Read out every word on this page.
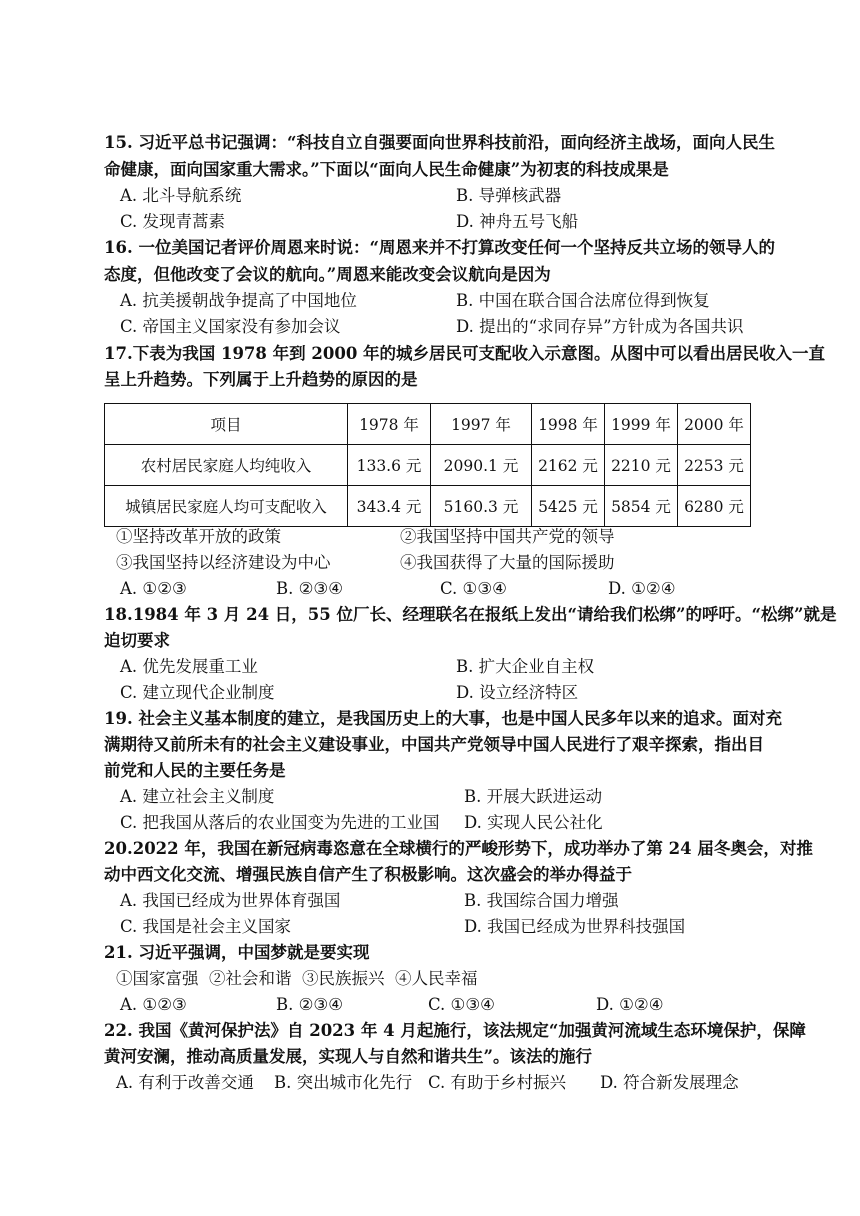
15. 习近平总书记强调：“科技自立自强要面向世界科技前沿，面向经济主战场，面向人民生
命健康，面向国家重大需求。”下面以“面向人民生命健康”为初衷的科技成果是
A. 北斗导航系统	B. 导弹核武器
C. 发现青蒿素	D. 神舟五号飞船
16. 一位美国记者评价周恩来时说：“周恩来并不打算改变任何一个坚持反共立场的领导人的
态度，但他改变了会议的航向。”周恩来能改变会议航向是因为
A. 抗美援朝战争提高了中国地位	B. 中国在联合国合法席位得到恢复
C. 帝国主义国家没有参加会议	D. 提出的“求同存异”方针成为各国共识
17.下表为我国 1978 年到 2000 年的城乡居民可支配收入示意图。从图中可以看出居民收入一直
呈上升趋势。下列属于上升趋势的原因的是
项目	1978 年	1997 年	1998 年	1999 年	2000 年
农村居民家庭人均纯收入	133.6 元	2090.1 元	2162 元	2210 元	2253 元
城镇居民家庭人均可支配收入	343.4 元	5160.3 元	5425 元	5854 元	6280 元
①坚持改革开放的政策	②我国坚持中国共产党的领导
③我国坚持以经济建设为中心	④我国获得了大量的国际援助
A. ①②③	B. ②③④	C. ①③④	D. ①②④
18.1984 年 3 月 24 日，55 位厂长、经理联名在报纸上发出“请给我们松绑”的呼吁。“松绑”就是
迫切要求
A. 优先发展重工业	B. 扩大企业自主权
C. 建立现代企业制度	D. 设立经济特区
19. 社会主义基本制度的建立，是我国历史上的大事，也是中国人民多年以来的追求。面对充
满期待又前所未有的社会主义建设事业，中国共产党领导中国人民进行了艰辛探索，指出目
前党和人民的主要任务是
A. 建立社会主义制度	B. 开展大跃进运动
C. 把我国从落后的农业国变为先进的工业国 D. 实现人民公社化
20.2022 年，我国在新冠病毒恣意在全球横行的严峻形势下，成功举办了第 24 届冬奥会，对推
动中西文化交流、增强民族自信产生了积极影响。这次盛会的举办得益于
A. 我国已经成为世界体育强国	B. 我国综合国力增强
C. 我国是社会主义国家	D. 我国已经成为世界科技强国
21. 习近平强调，中国梦就是要实现
①国家富强  ②社会和谐  ③民族振兴  ④人民幸福
A. ①②③	B. ②③④	C. ①③④	D. ①②④
22. 我国《黄河保护法》自 2023 年 4 月起施行，该法规定“加强黄河流域生态环境保护，保障
黄河安澜，推动高质量发展，实现人与自然和谐共生”。该法的施行
A. 有利于改善交通 B. 突出城市化先行 C. 有助于乡村振兴 D. 符合新发展理念
